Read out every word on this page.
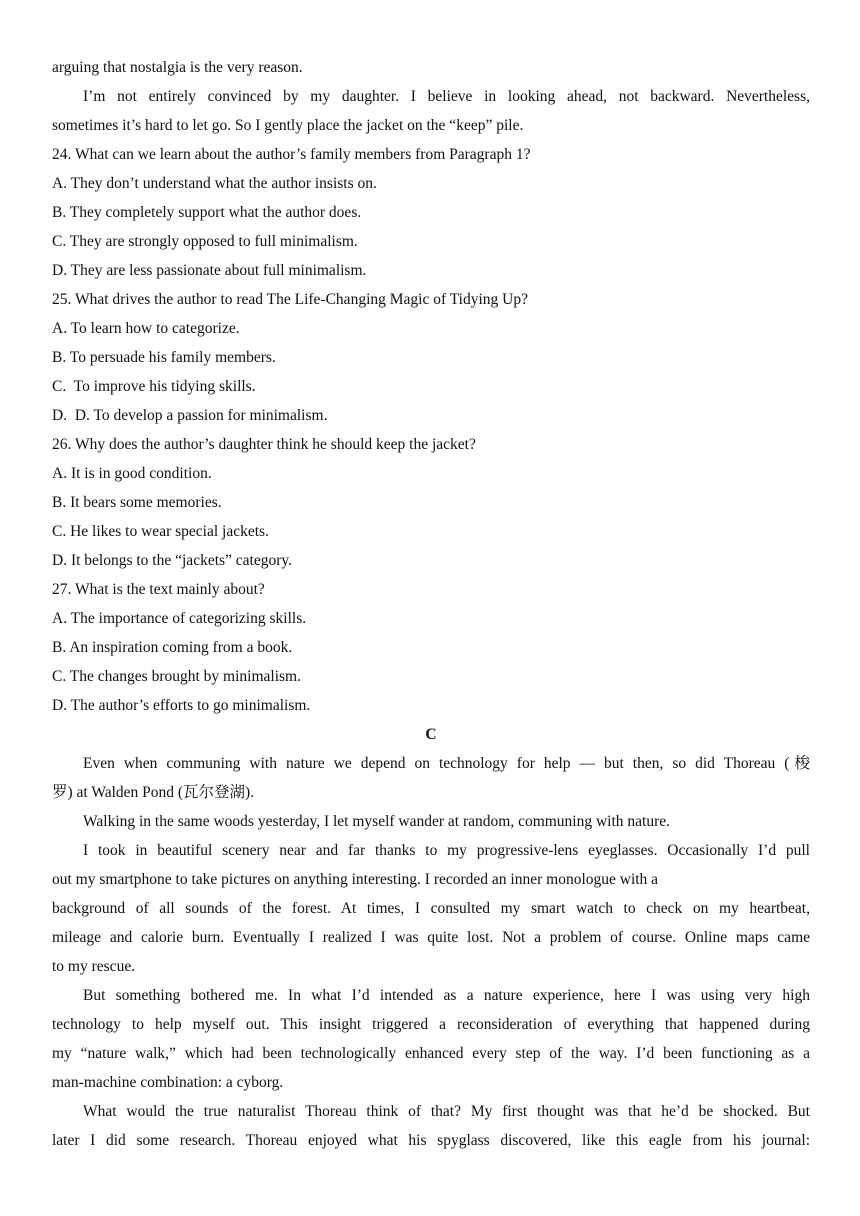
arguing that nostalgia is the very reason.
I’m not entirely convinced by my daughter. I believe in looking ahead, not backward. Nevertheless,
sometimes it’s hard to let go. So I gently place the jacket on the “keep” pile.
24. What can we learn about the author’s family members from Paragraph 1?
A. They don’t understand what the author insists on.
B. They completely support what the author does.
C. They are strongly opposed to full minimalism.
D. They are less passionate about full minimalism.
25. What drives the author to read The Life-Changing Magic of Tidying Up?
A. To learn how to categorize.
B. To persuade his family members.
C.  To improve his tidying skills.
D.  D. To develop a passion for minimalism.
26. Why does the author’s daughter think he should keep the jacket?
A. It is in good condition.
B. It bears some memories.
C. He likes to wear special jackets.
D. It belongs to the “jackets” category.
27. What is the text mainly about?
A. The importance of categorizing skills.
B. An inspiration coming from a book.
C. The changes brought by minimalism.
D. The author’s efforts to go minimalism.
C
Even when communing with nature we depend on technology for help — but then, so did Thoreau (梭
罗) at Walden Pond (瓦尔登湖).
Walking in the same woods yesterday, I let myself wander at random, communing with nature.
I took in beautiful scenery near and far thanks to my progressive-lens eyeglasses. Occasionally I’d pull
out my smartphone to take pictures on anything interesting. I recorded an inner monologue with a
background of all sounds of the forest. At times, I consulted my smart watch to check on my heartbeat,
mileage and calorie burn. Eventually I realized I was quite lost. Not a problem of course. Online maps came
to my rescue.
But something bothered me. In what I’d intended as a nature experience, here I was using very high
technology to help myself out. This insight triggered a reconsideration of everything that happened during
my “nature walk,” which had been technologically enhanced every step of the way. I’d been functioning as a
man-machine combination: a cyborg.
What would the true naturalist Thoreau think of that? My first thought was that he’d be shocked. But
later I did some research. Thoreau enjoyed what his spyglass discovered, like this eagle from his journal:
